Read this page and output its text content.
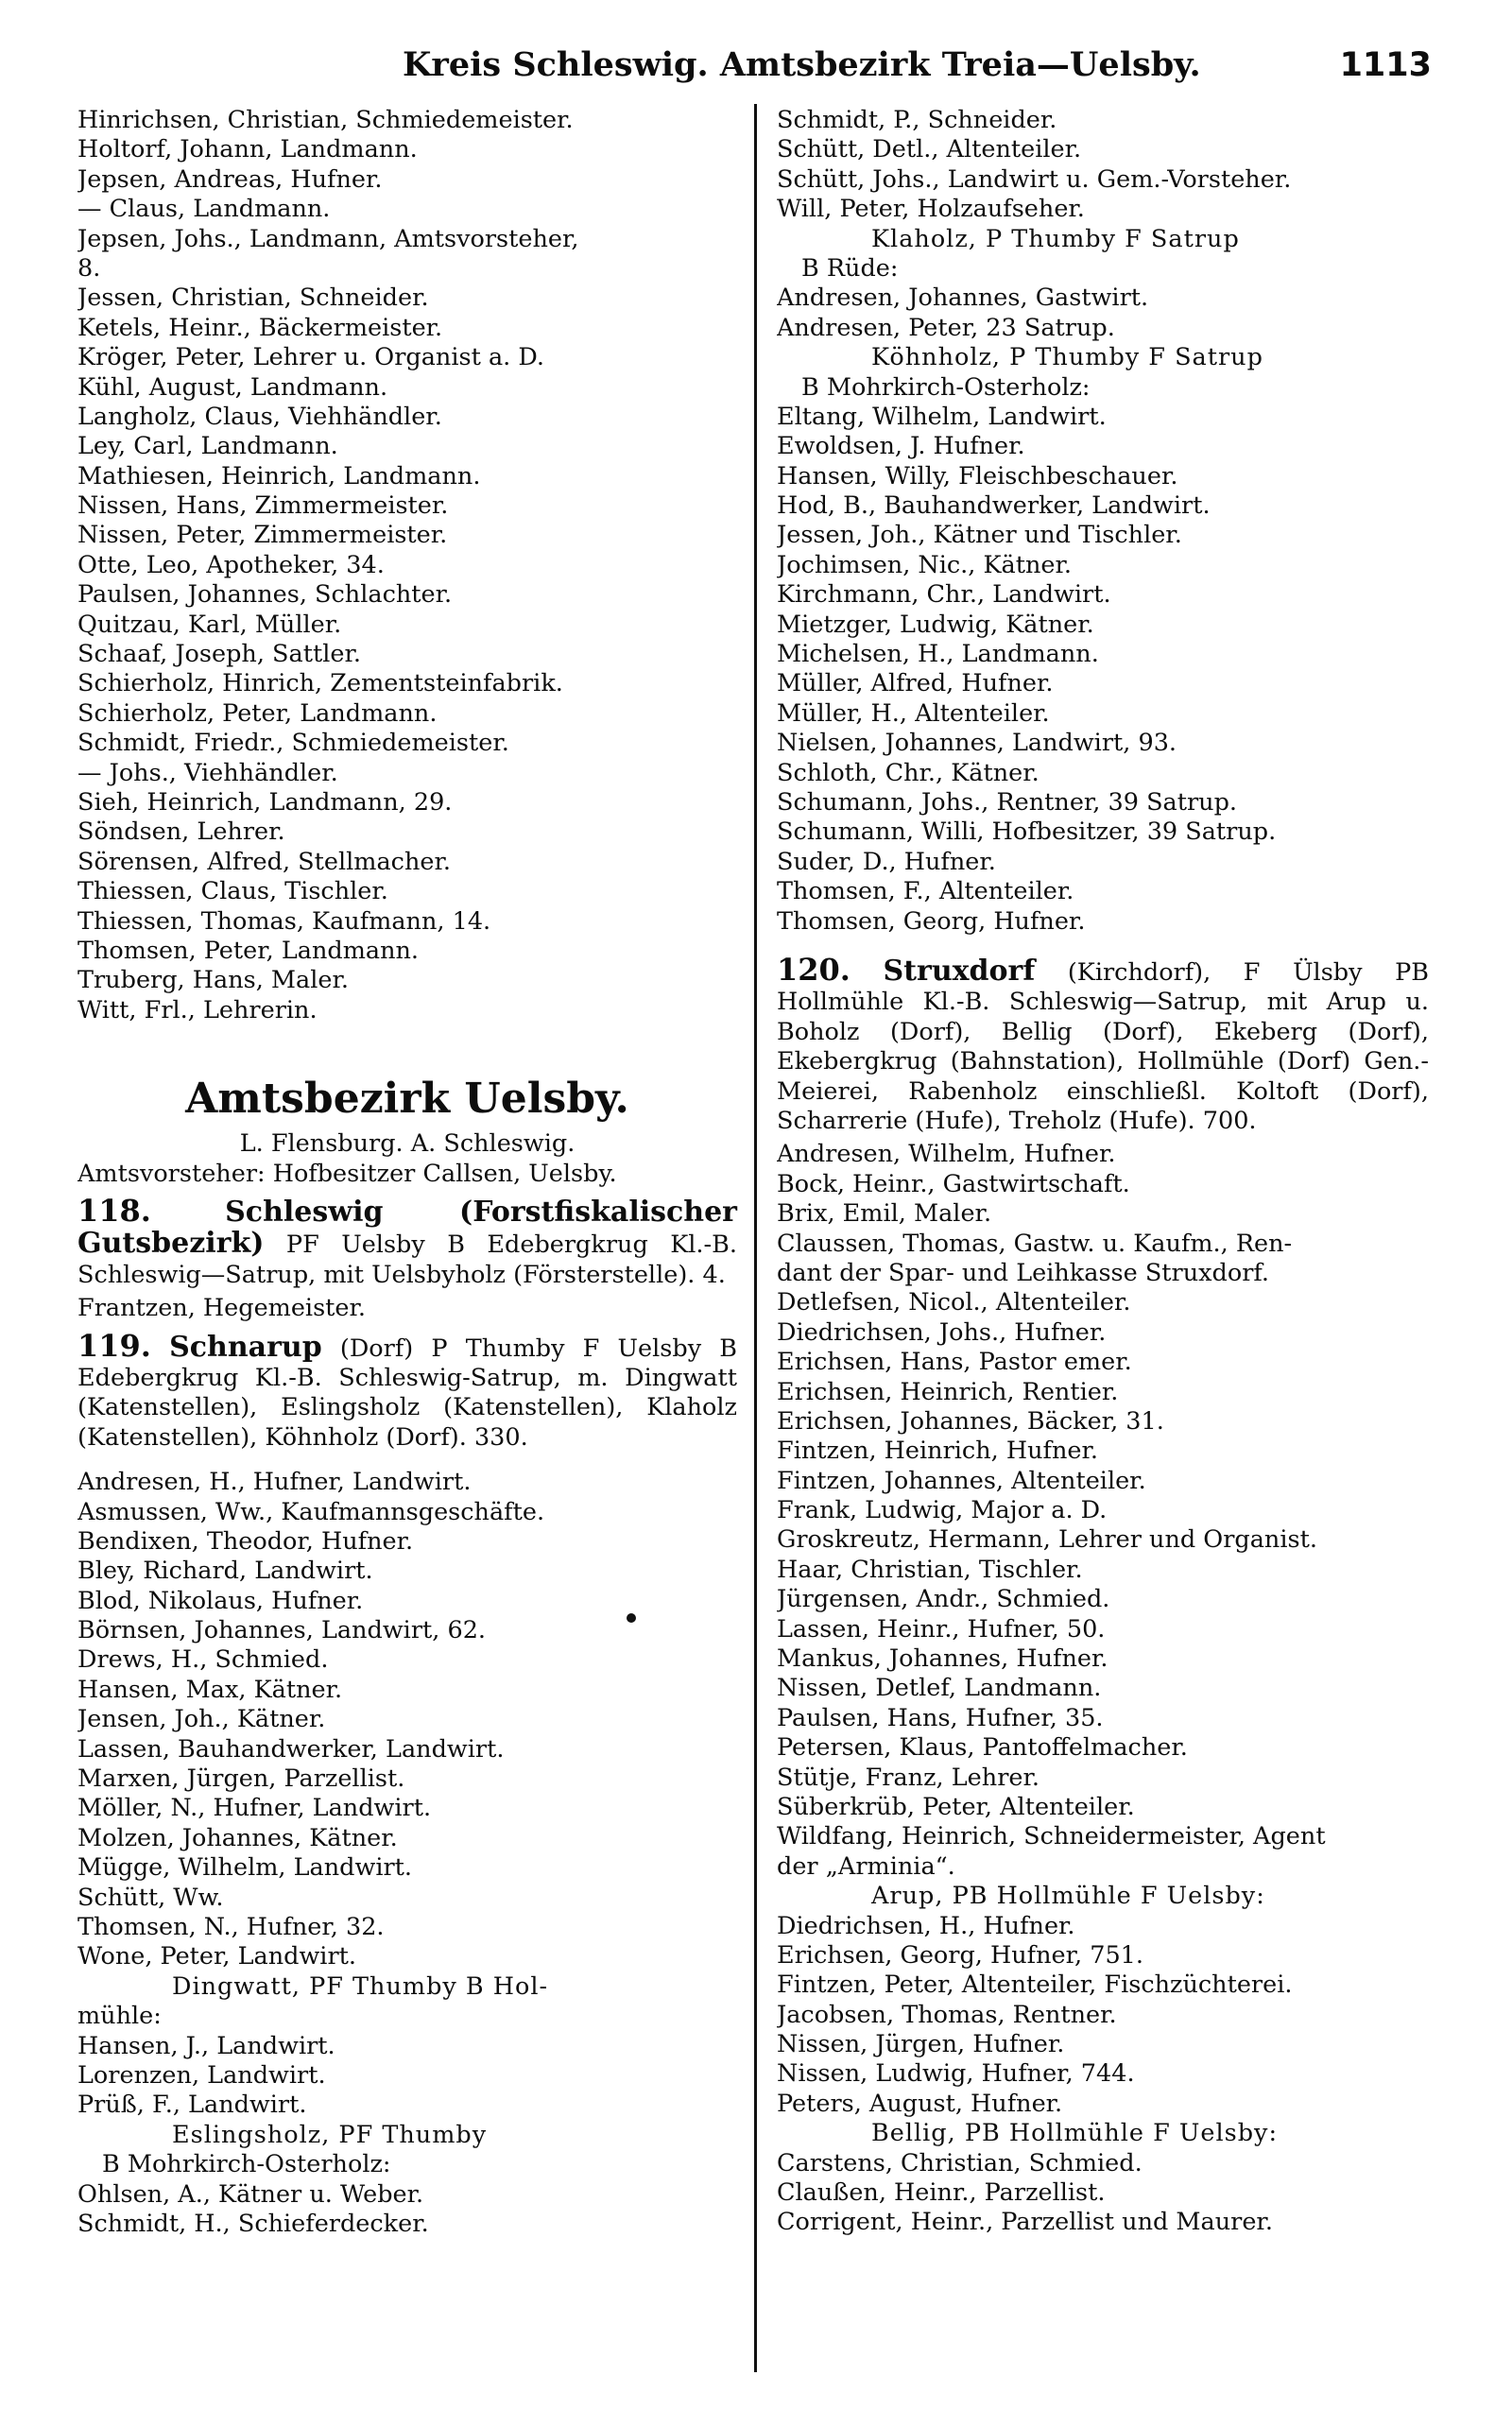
Kreis Schleswig. Amtsbezirk Treia—Uelsby.	1113
Hinrichsen, Christian, Schmiedemeister.
Holtorf, Johann, Landmann.
Jepsen, Andreas, Hufner.
— Claus, Landmann.
Jepsen, Johs., Landmann, Amtsvorsteher,
8.
Jessen, Christian, Schneider.
Ketels, Heinr., Bäckermeister.
Kröger, Peter, Lehrer u. Organist a. D.
Kühl, August, Landmann.
Langholz, Claus, Viehhändler.
Ley, Carl, Landmann.
Mathiesen, Heinrich, Landmann.
Nissen, Hans, Zimmermeister.
Nissen, Peter, Zimmermeister.
Otte, Leo, Apotheker, 34.
Paulsen, Johannes, Schlachter.
Quitzau, Karl, Müller.
Schaaf, Joseph, Sattler.
Schierholz, Hinrich, Zementsteinfabrik.
Schierholz, Peter, Landmann.
Schmidt, Friedr., Schmiedemeister.
— Johs., Viehhändler.
Sieh, Heinrich, Landmann, 29.
Söndsen, Lehrer.
Sörensen, Alfred, Stellmacher.
Thiessen, Claus, Tischler.
Thiessen, Thomas, Kaufmann, 14.
Thomsen, Peter, Landmann.
Truberg, Hans, Maler.
Witt, Frl., Lehrerin.
Amtsbezirk Uelsby.
L. Flensburg. A. Schleswig.
Amtsvorsteher: Hofbesitzer Callsen, Uelsby.

118.	Schleswig (Forstfiskalischer Gutsbezirk) PF Uelsby B Edebergkrug Kl.-B. Schleswig—Satrup, mit Uelsbyholz (Försterstelle). 4.

Frantzen, Hegemeister.

119. Schnarup (Dorf) P Thumby F Uelsby B Edebergkrug Kl.-B. Schleswig-Satrup, m. Dingwatt (Katenstellen), Eslingsholz (Katenstellen), Klaholz (Katenstellen), Köhnholz (Dorf). 330.

Andresen, H., Hufner, Landwirt.
Asmussen, Ww., Kaufmannsgeschäfte.
Bendixen, Theodor, Hufner.
Bley, Richard, Landwirt.
Blod, Nikolaus, Hufner.
Börnsen, Johannes, Landwirt, 62.
Drews, H., Schmied.
Hansen, Max, Kätner.
Jensen, Joh., Kätner.
Lassen, Bauhandwerker, Landwirt.
Marxen, Jürgen, Parzellist.
Möller, N., Hufner, Landwirt.
Molzen, Johannes, Kätner.
Mügge, Wilhelm, Landwirt.
Schütt, Ww.
Thomsen, N., Hufner, 32.
Wone, Peter, Landwirt.
Dingwatt, PF Thumby B Hol-
mühle:
Hansen, J., Landwirt.
Lorenzen, Landwirt.
Prüß, F., Landwirt.
Eslingsholz, PF Thumby
B Mohrkirch-Osterholz:
Ohlsen, A., Kätner u. Weber.
Schmidt, H., Schieferdecker.
Schmidt, P., Schneider.
Schütt, Detl., Altenteiler.
Schütt, Johs., Landwirt u. Gem.-Vorsteher.
Will, Peter, Holzaufseher.
Klaholz, P Thumby F Satrup
B Rüde:
Andresen, Johannes, Gastwirt.
Andresen, Peter, 23 Satrup.
Köhnholz, P Thumby F Satrup
B Mohrkirch-Osterholz:
Eltang, Wilhelm, Landwirt.
Ewoldsen, J. Hufner.
Hansen, Willy, Fleischbeschauer.
Hod, B., Bauhandwerker, Landwirt.
Jessen, Joh., Kätner und Tischler.
Jochimsen, Nic., Kätner.
Kirchmann, Chr., Landwirt.
Mietzger, Ludwig, Kätner.
Michelsen, H., Landmann.
Müller, Alfred, Hufner.
Müller, H., Altenteiler.
Nielsen, Johannes, Landwirt, 93.
Schloth, Chr., Kätner.
Schumann, Johs., Rentner, 39 Satrup.
Schumann, Willi, Hofbesitzer, 39 Satrup.
Suder, D., Hufner.
Thomsen, F., Altenteiler.
Thomsen, Georg, Hufner.

120. Struxdorf (Kirchdorf), F Ülsby PB Hollmühle Kl.-B. Schleswig—Satrup, mit Arup u. Boholz (Dorf), Bellig (Dorf), Ekeberg (Dorf), Ekebergkrug (Bahnstation), Hollmühle (Dorf) Gen.-Meierei, Rabenholz einschließl. Koltoft (Dorf), Scharrerie (Hufe), Treholz (Hufe). 700.

Andresen, Wilhelm, Hufner.
Bock, Heinr., Gastwirtschaft.
Brix, Emil, Maler.
Claussen, Thomas, Gastw. u. Kaufm., Ren-
dant der Spar- und Leihkasse Struxdorf.
Detlefsen, Nicol., Altenteiler.
Diedrichsen, Johs., Hufner.
Erichsen, Hans, Pastor emer.
Erichsen, Heinrich, Rentier.
Erichsen, Johannes, Bäcker, 31.
Fintzen, Heinrich, Hufner.
Fintzen, Johannes, Altenteiler.
Frank, Ludwig, Major a. D.
Groskreutz, Hermann, Lehrer und Organist.
Haar, Christian, Tischler.
Jürgensen, Andr., Schmied.
Lassen, Heinr., Hufner, 50.
Mankus, Johannes, Hufner.
Nissen, Detlef, Landmann.
Paulsen, Hans, Hufner, 35.
Petersen, Klaus, Pantoffelmacher.
Stütje, Franz, Lehrer.
Süberkrüb, Peter, Altenteiler.
Wildfang, Heinrich, Schneidermeister, Agent
der „Arminia“.
Arup, PB Hollmühle F Uelsby:
Diedrichsen, H., Hufner.
Erichsen, Georg, Hufner, 751.
Fintzen, Peter, Altenteiler, Fischzüchterei.
Jacobsen, Thomas, Rentner.
Nissen, Jürgen, Hufner.
Nissen, Ludwig, Hufner, 744.
Peters, August, Hufner.
Bellig, PB Hollmühle F Uelsby:
Carstens, Christian, Schmied.
Claußen, Heinr., Parzellist.
Corrigent, Heinr., Parzellist und Maurer.
